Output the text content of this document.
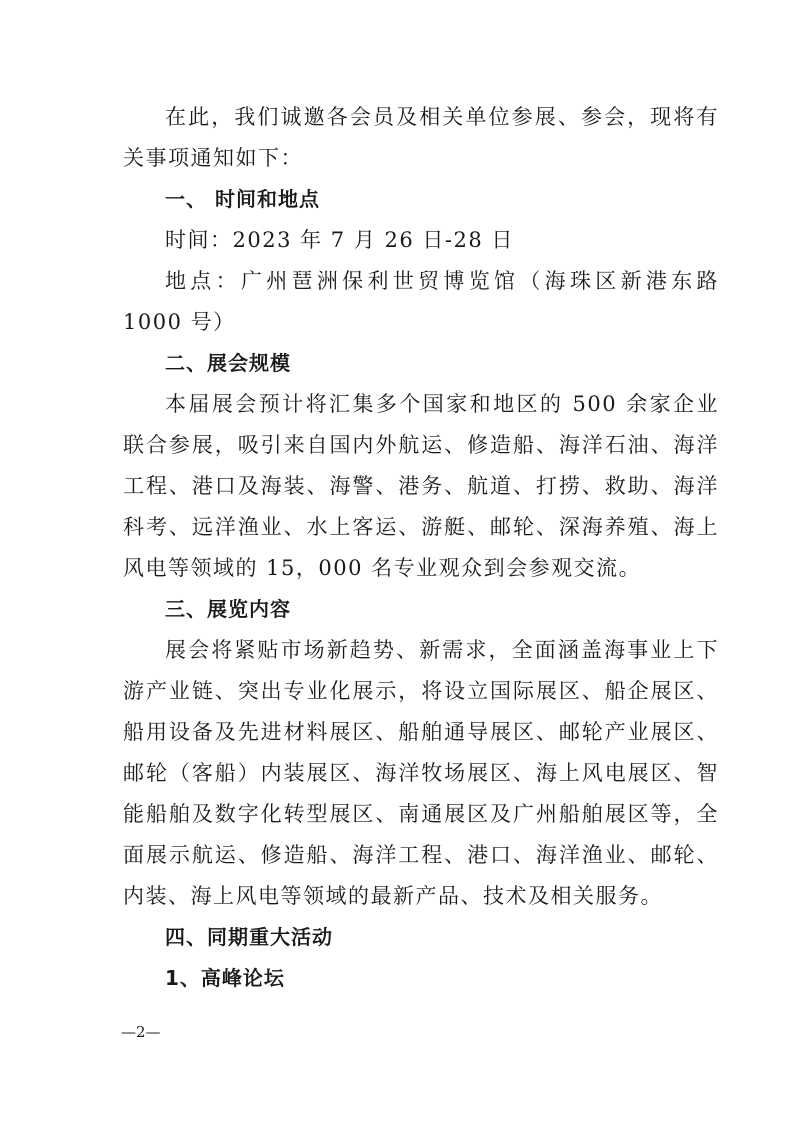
在此，我们诚邀各会员及相关单位参展、参会，现将有关事项通知如下：

一、 时间和地点

时间：2023 年 7 月 26 日-28 日

地点：广州琶洲保利世贸博览馆（海珠区新港东路 1000 号）

二、展会规模

本届展会预计将汇集多个国家和地区的 500 余家企业联合参展，吸引来自国内外航运、修造船、海洋石油、海洋工程、港口及海装、海警、港务、航道、打捞、救助、海洋科考、远洋渔业、水上客运、游艇、邮轮、深海养殖、海上风电等领域的 15，000 名专业观众到会参观交流。

三、展览内容

展会将紧贴市场新趋势、新需求，全面涵盖海事业上下游产业链、突出专业化展示，将设立国际展区、船企展区、船用设备及先进材料展区、船舶通导展区、邮轮产业展区、邮轮（客船）内装展区、海洋牧场展区、海上风电展区、智能船舶及数字化转型展区、南通展区及广州船舶展区等，全面展示航运、修造船、海洋工程、港口、海洋渔业、邮轮、内装、海上风电等领域的最新产品、技术及相关服务。

四、同期重大活动

1、高峰论坛

—2—
